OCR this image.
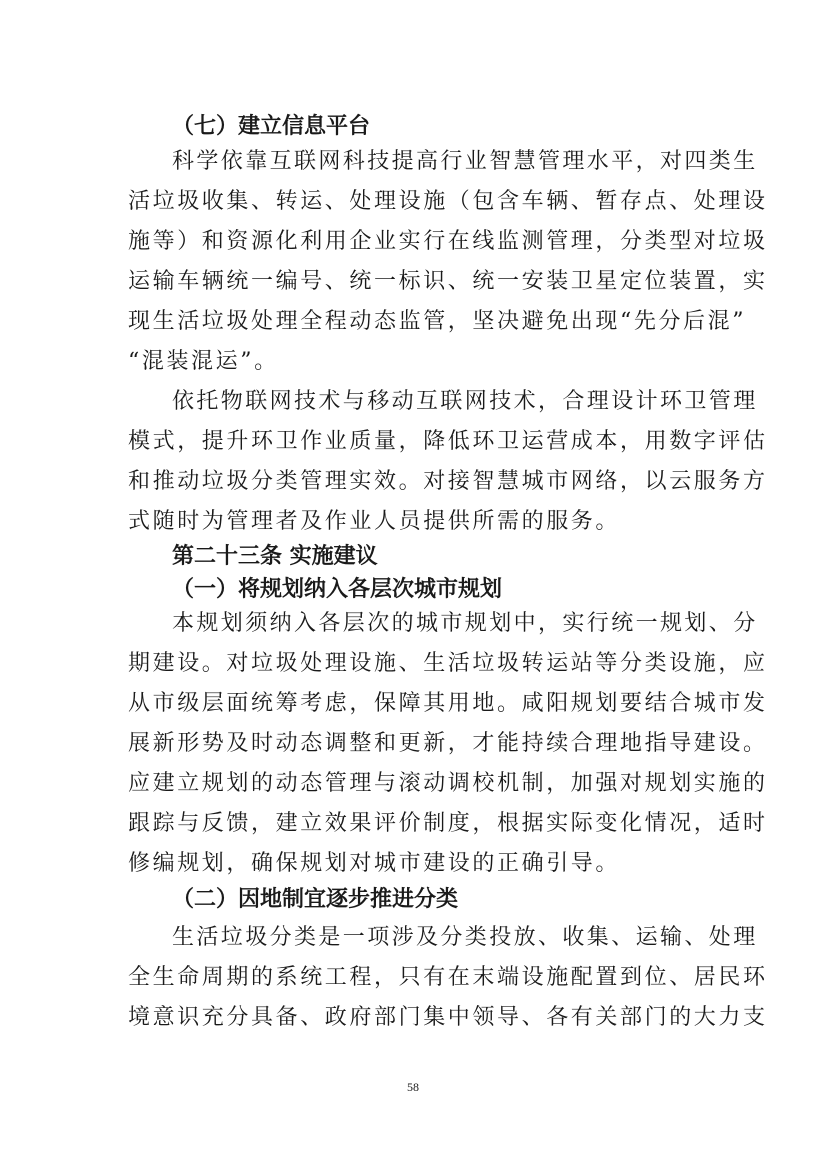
（七）建立信息平台
科学依靠互联网科技提高行业智慧管理水平，对四类生
活垃圾收集、转运、处理设施（包含车辆、暂存点、处理设
施等）和资源化利用企业实行在线监测管理，分类型对垃圾
运输车辆统一编号、统一标识、统一安装卫星定位装置，实
现生活垃圾处理全程动态监管，坚决避免出现“先分后混”
“混装混运”。
依托物联网技术与移动互联网技术，合理设计环卫管理
模式，提升环卫作业质量，降低环卫运营成本，用数字评估
和推动垃圾分类管理实效。对接智慧城市网络，以云服务方
式随时为管理者及作业人员提供所需的服务。
第二十三条 实施建议
（一）将规划纳入各层次城市规划
本规划须纳入各层次的城市规划中，实行统一规划、分
期建设。对垃圾处理设施、生活垃圾转运站等分类设施，应
从市级层面统筹考虑，保障其用地。咸阳规划要结合城市发
展新形势及时动态调整和更新，才能持续合理地指导建设。
应建立规划的动态管理与滚动调校机制，加强对规划实施的
跟踪与反馈，建立效果评价制度，根据实际变化情况，适时
修编规划，确保规划对城市建设的正确引导。
（二）因地制宜逐步推进分类
生活垃圾分类是一项涉及分类投放、收集、运输、处理
全生命周期的系统工程，只有在末端设施配置到位、居民环
境意识充分具备、政府部门集中领导、各有关部门的大力支
58
